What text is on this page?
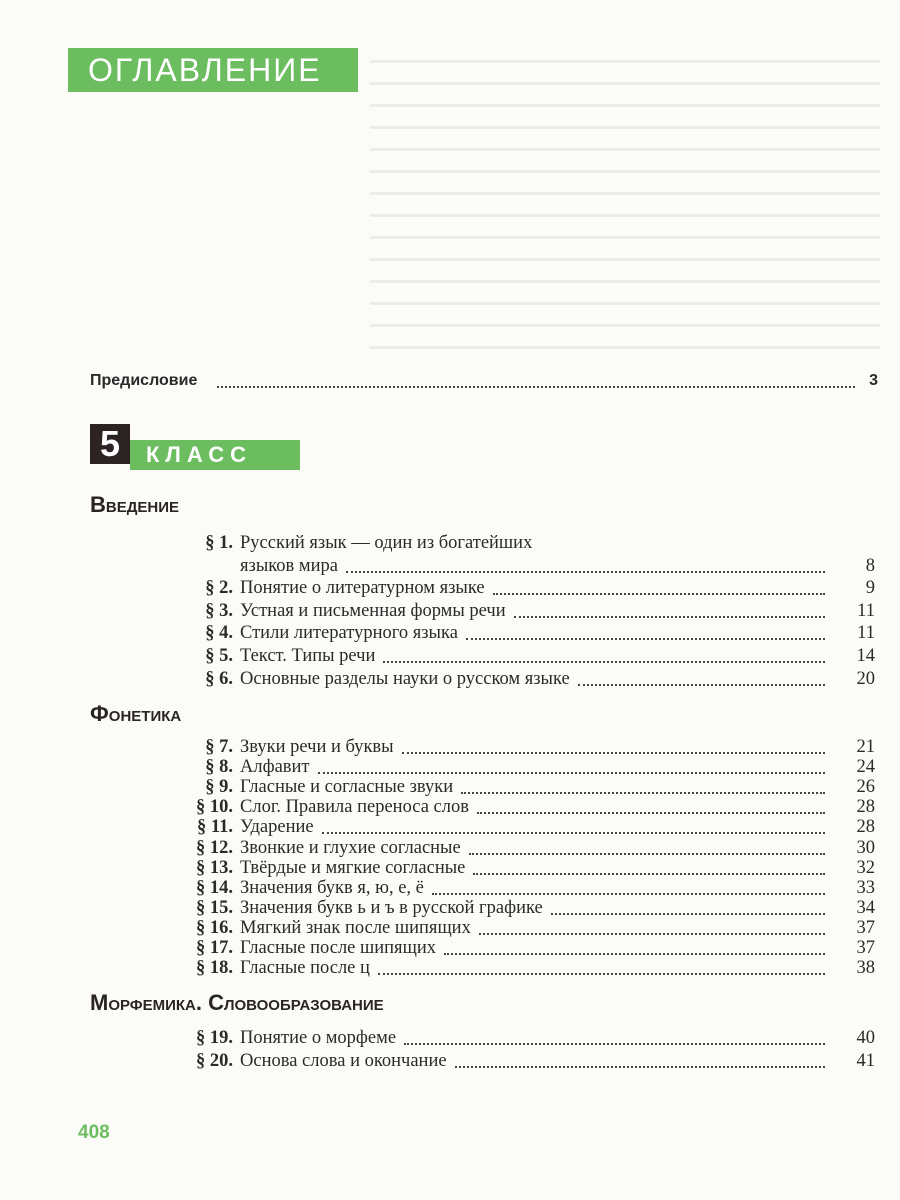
ОГЛАВЛЕНИЕ
Предисловие	3
КЛАСС
5
Введение
§ 1. Русский язык — один из богатейших
языков мира	8
§ 2. Понятие о литературном языке	9
§ 3. Устная и письменная формы речи	11
§ 4. Стили литературного языка	11
§ 5. Текст. Типы речи	14
§ 6. Основные разделы науки о русском языке	20
Фонетика
§ 7. Звуки речи и буквы	21
§ 8. Алфавит	24
§ 9. Гласные и согласные звуки	26
§ 10. Слог. Правила переноса слов	28
§ 11. Ударение	28
§ 12. Звонкие и глухие согласные	30
§ 13. Твёрдые и мягкие согласные	32
§ 14. Значения букв я, ю, е, ё	33
§ 15. Значения букв ь и ъ в русской графике	34
§ 16. Мягкий знак после шипящих	37
§ 17. Гласные после шипящих	37
§ 18. Гласные после ц	38
Морфемика. Словообразование
§ 19. Понятие о морфеме	40
§ 20. Основа слова и окончание	41
408
